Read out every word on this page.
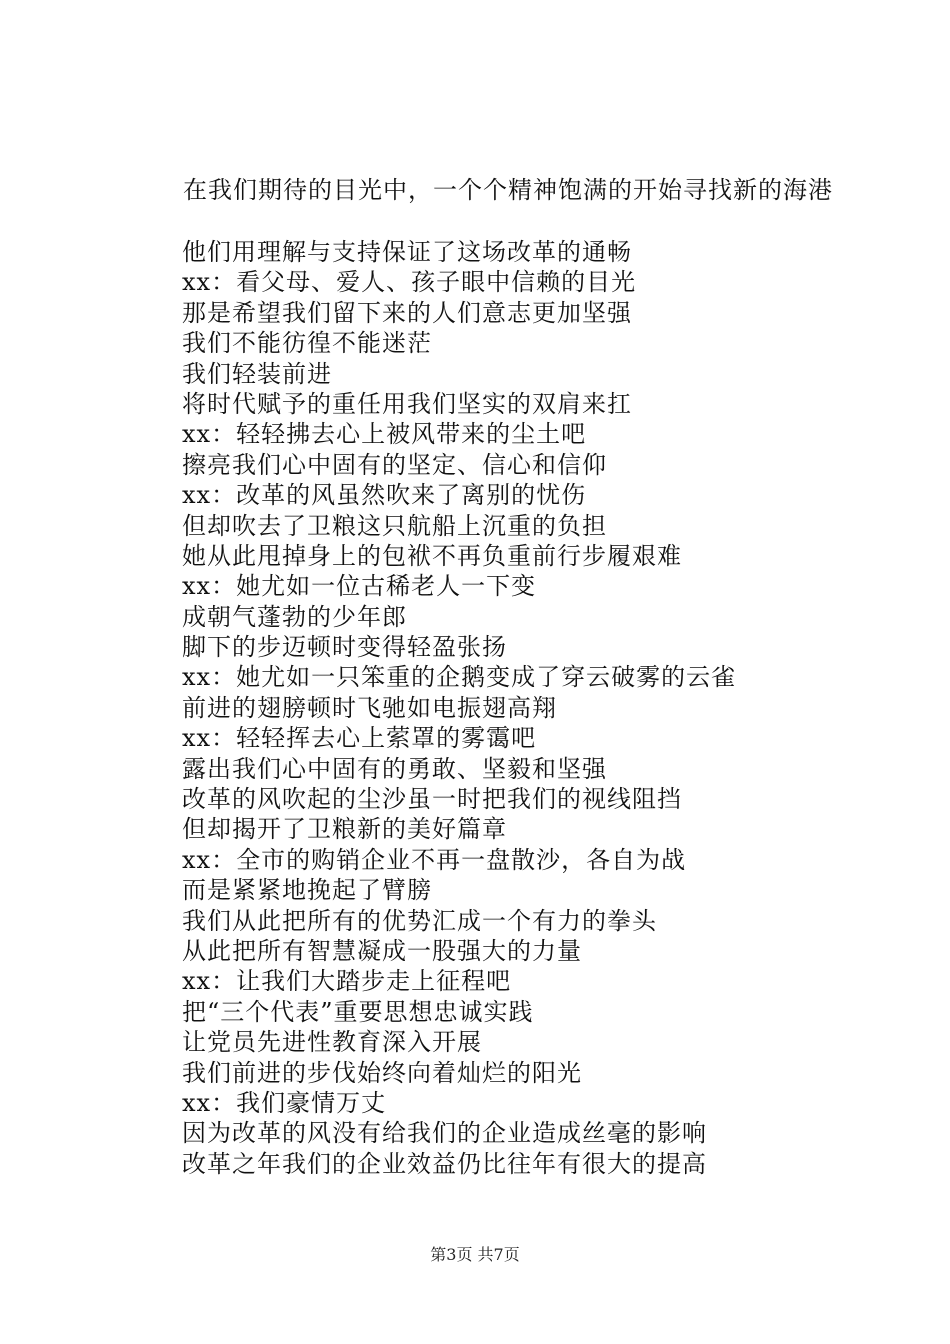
在我们期待的目光中，一个个精神饱满的开始寻找新的海港

他们用理解与支持保证了这场改革的通畅
xx：看父母、爱人、孩子眼中信赖的目光
那是希望我们留下来的人们意志更加坚强
我们不能彷徨不能迷茫
我们轻装前进
将时代赋予的重任用我们坚实的双肩来扛
xx：轻轻拂去心上被风带来的尘土吧
擦亮我们心中固有的坚定、信心和信仰
xx：改革的风虽然吹来了离别的忧伤
但却吹去了卫粮这只航船上沉重的负担
她从此甩掉身上的包袱不再负重前行步履艰难
xx：她尤如一位古稀老人一下变
成朝气蓬勃的少年郎
脚下的步迈顿时变得轻盈张扬
xx：她尤如一只笨重的企鹅变成了穿云破雾的云雀
前进的翅膀顿时飞驰如电振翅高翔
xx：轻轻挥去心上萦罩的雾霭吧
露出我们心中固有的勇敢、坚毅和坚强
改革的风吹起的尘沙虽一时把我们的视线阻挡
但却揭开了卫粮新的美好篇章
xx：全市的购销企业不再一盘散沙，各自为战
而是紧紧地挽起了臂膀
我们从此把所有的优势汇成一个有力的拳头
从此把所有智慧凝成一股强大的力量
xx：让我们大踏步走上征程吧
把“三个代表”重要思想忠诚实践
让党员先进性教育深入开展
我们前进的步伐始终向着灿烂的阳光
xx：我们豪情万丈
因为改革的风没有给我们的企业造成丝毫的影响
改革之年我们的企业效益仍比往年有很大的提高
第3页 共7页
